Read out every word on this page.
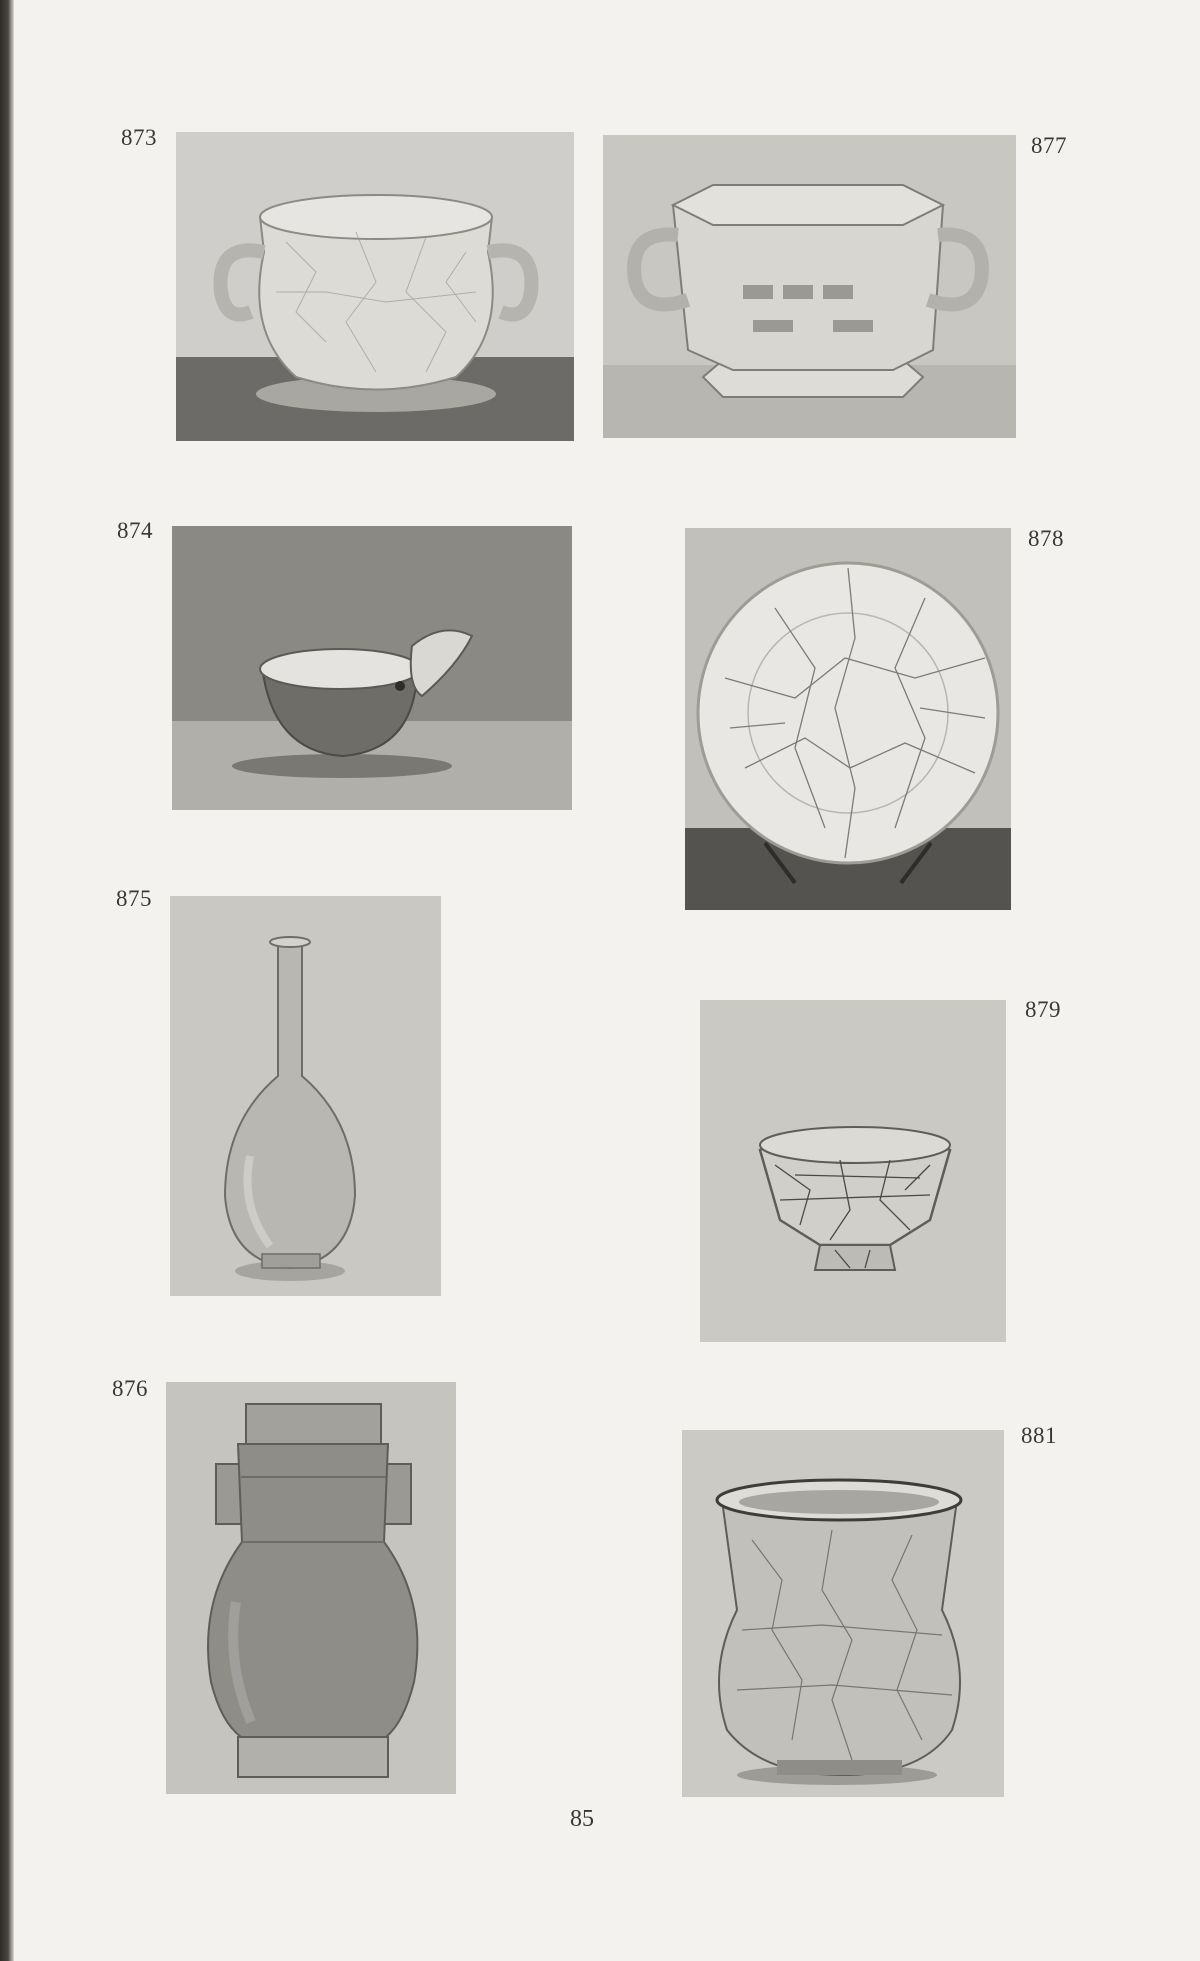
873	877
874	878
875
879
876
881
85
